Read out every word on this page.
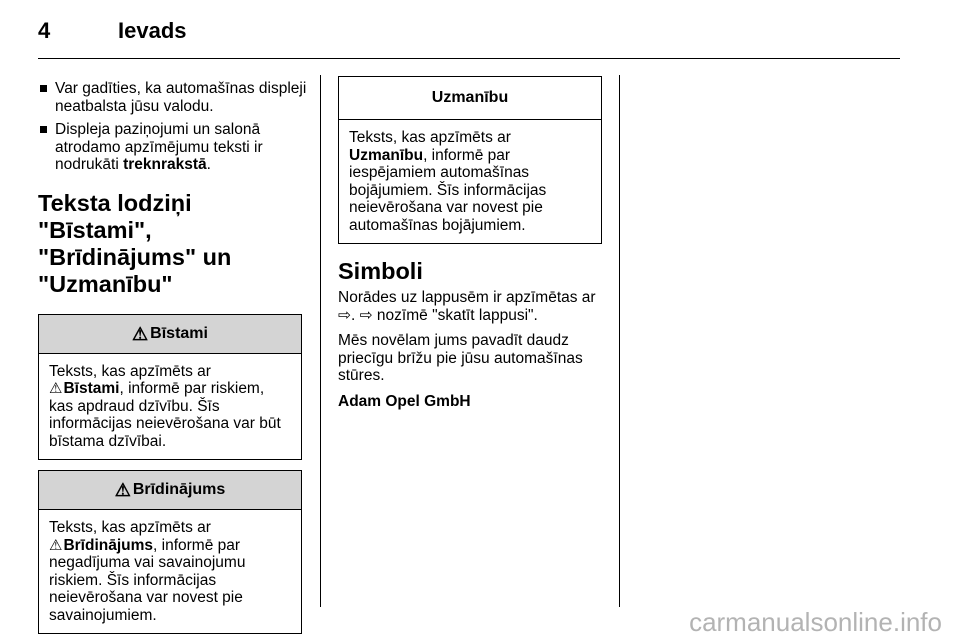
4	Ievads
Var gadīties, ka automašīnas displeji neatbalsta jūsu valodu.
Displeja paziņojumi un salonā atrodamo apzīmējumu teksti ir nodrukāti treknrakstā.
Teksta lodziņi "Bīstami", "Brīdinājums" un "Uzmanību"
⚠ Bīstami
Teksts, kas apzīmēts ar
⚠Bīstami, informē par riskiem, kas apdraud dzīvību. Šīs informācijas neievērošana var būt bīstama dzīvībai.
⚠ Brīdinājums
Teksts, kas apzīmēts ar
⚠Brīdinājums, informē par negadījuma vai savainojumu riskiem. Šīs informācijas neievērošana var novest pie savainojumiem.
Uzmanību
Teksts, kas apzīmēts ar
Uzmanību, informē par iespējamiem automašīnas bojājumiem. Šīs informācijas neievērošana var novest pie automašīnas bojājumiem.
Simboli

Norādes uz lappusēm ir apzīmētas ar ⇨. ⇨ nozīmē "skatīt lappusi".

Mēs novēlam jums pavadīt daudz priecīgu brīžu pie jūsu automašīnas stūres.

Adam Opel GmbH
carmanualsonline.info
